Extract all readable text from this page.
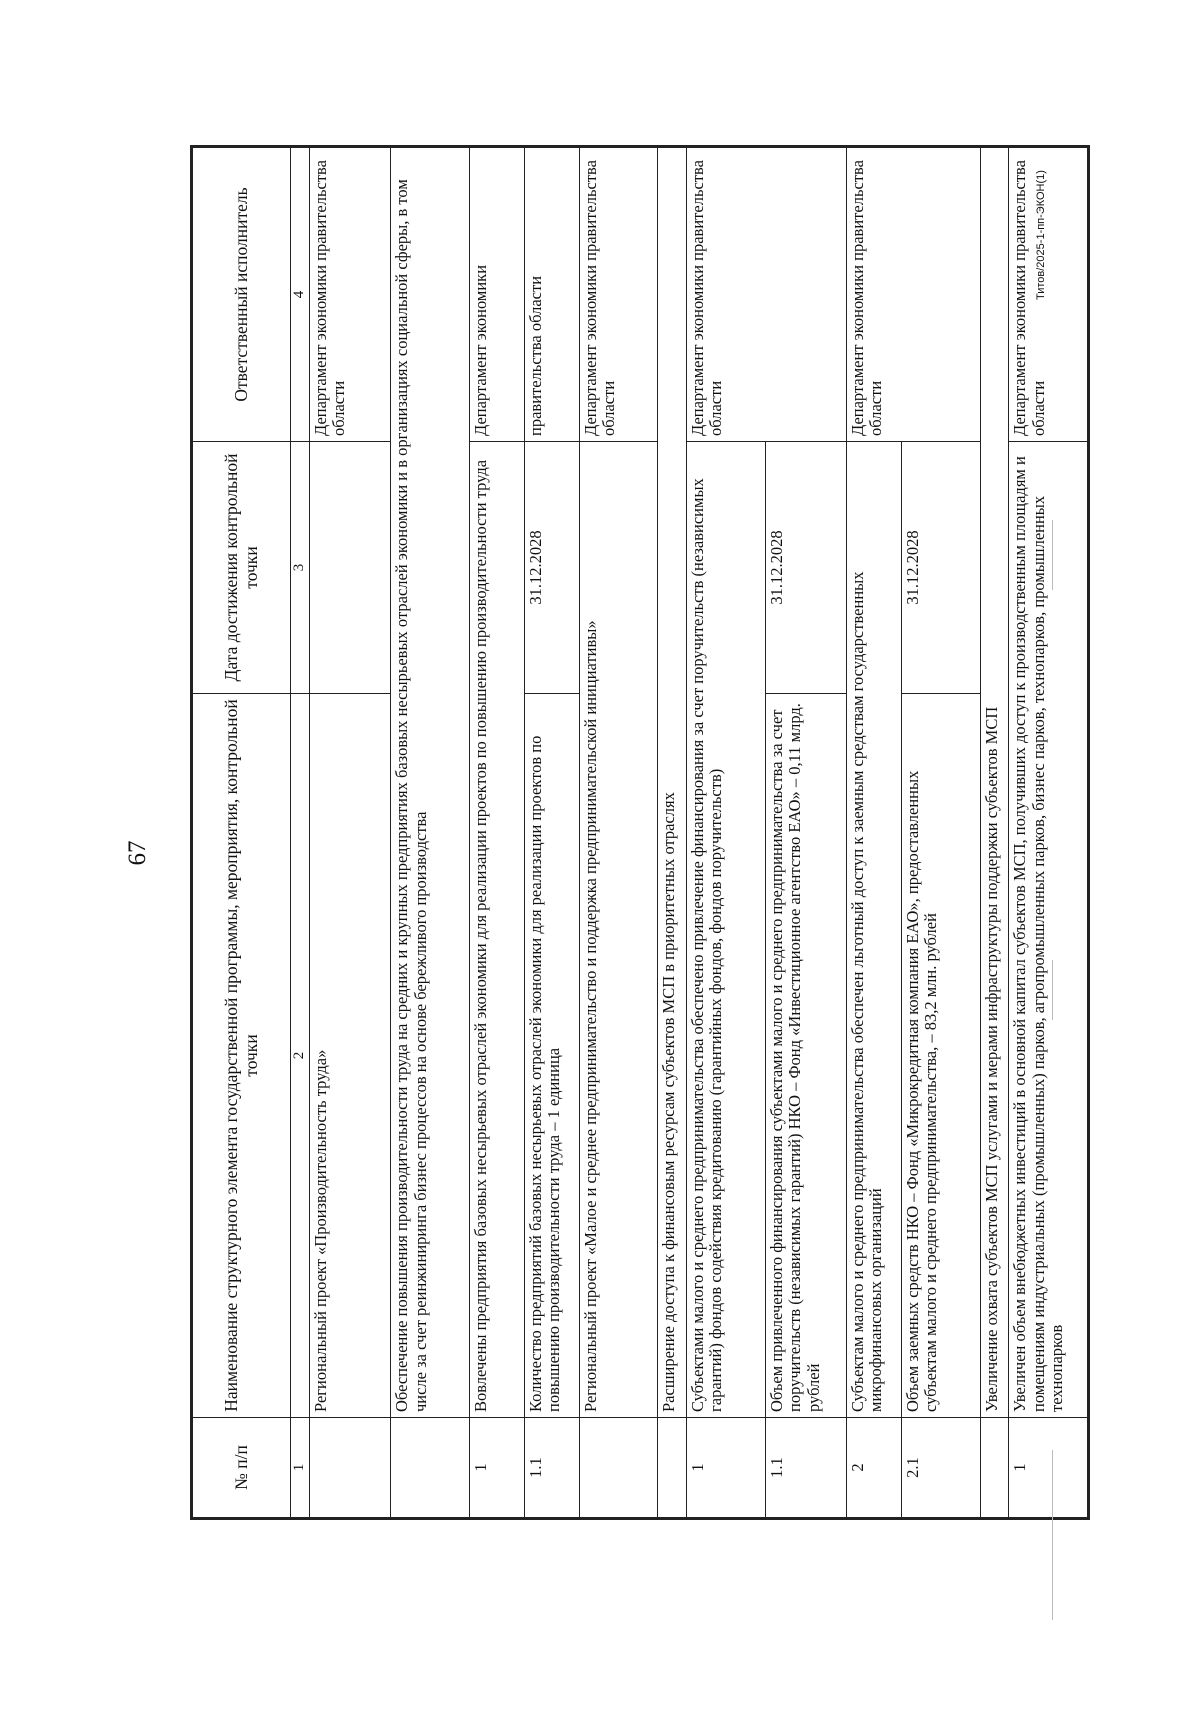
67
№ п/п	Наименование структурного элемента государственной программы, мероприятия, контрольной точки	Дата достижения контрольной точки	Ответственный исполнитель
1	2	3	4
	Региональный проект «Производительность труда»		Департамент экономики правительства области
	Обеспечение повышения производительности труда на средних и крупных предприятиях базовых несырьевых отраслей экономики и в организациях социальной сферы, в том числе за счет реинжиниринга бизнес процессов на основе бережливого производства		
1	Вовлечены предприятия базовых несырьевых отраслей экономики для реализации проектов по повышению производительности труда		Департамент экономики
1.1	Количество предприятий базовых несырьевых отраслей экономики для реализации проектов по повышению производительности труда – 1 единица	31.12.2028	правительства области
	Региональный проект «Малое и среднее предпринимательство и поддержка предпринимательской инициативы»		Департамент экономики правительства области
	Расширение доступа к финансовым ресурсам субъектов МСП в приоритетных отраслях		
1	Субъектами малого и среднего предпринимательства обеспечено привлечение финансирования за счет поручительств (независимых гарантий) фондов содействия кредитованию (гарантийных фондов, фондов поручительств)		Департамент экономики правительства области
1.1	Объем привлеченного финансирования субъектами малого и среднего предпринимательства за счет поручительств (независимых гарантий) НКО – Фонд «Инвестиционное агентство ЕАО» – 0,11 млрд. рублей	31.12.2028	
2	Субъектам малого и среднего предпринимательства обеспечен льготный доступ к заемным средствам государственных микрофинансовых организаций		Департамент экономики правительства области
2.1	Объем заемных средств НКО – Фонд «Микрокредитная компания ЕАО», предоставленных субъектам малого и среднего предпринимательства, – 83,2 млн. рублей	31.12.2028	
	Увеличение охвата субъектов МСП услугами и мерами инфраструктуры поддержки субъектов МСП		
1	Увеличен объем внебюджетных инвестиций в основной капитал субъектов МСП, получивших доступ к производственным площадям и помещениям индустриальных (промышленных) парков, агропромышленных парков, бизнес парков, технопарков, промышленных технопарков		Департамент экономики правительства области
Титов/2025-1-пп-ЭКОН(1)
